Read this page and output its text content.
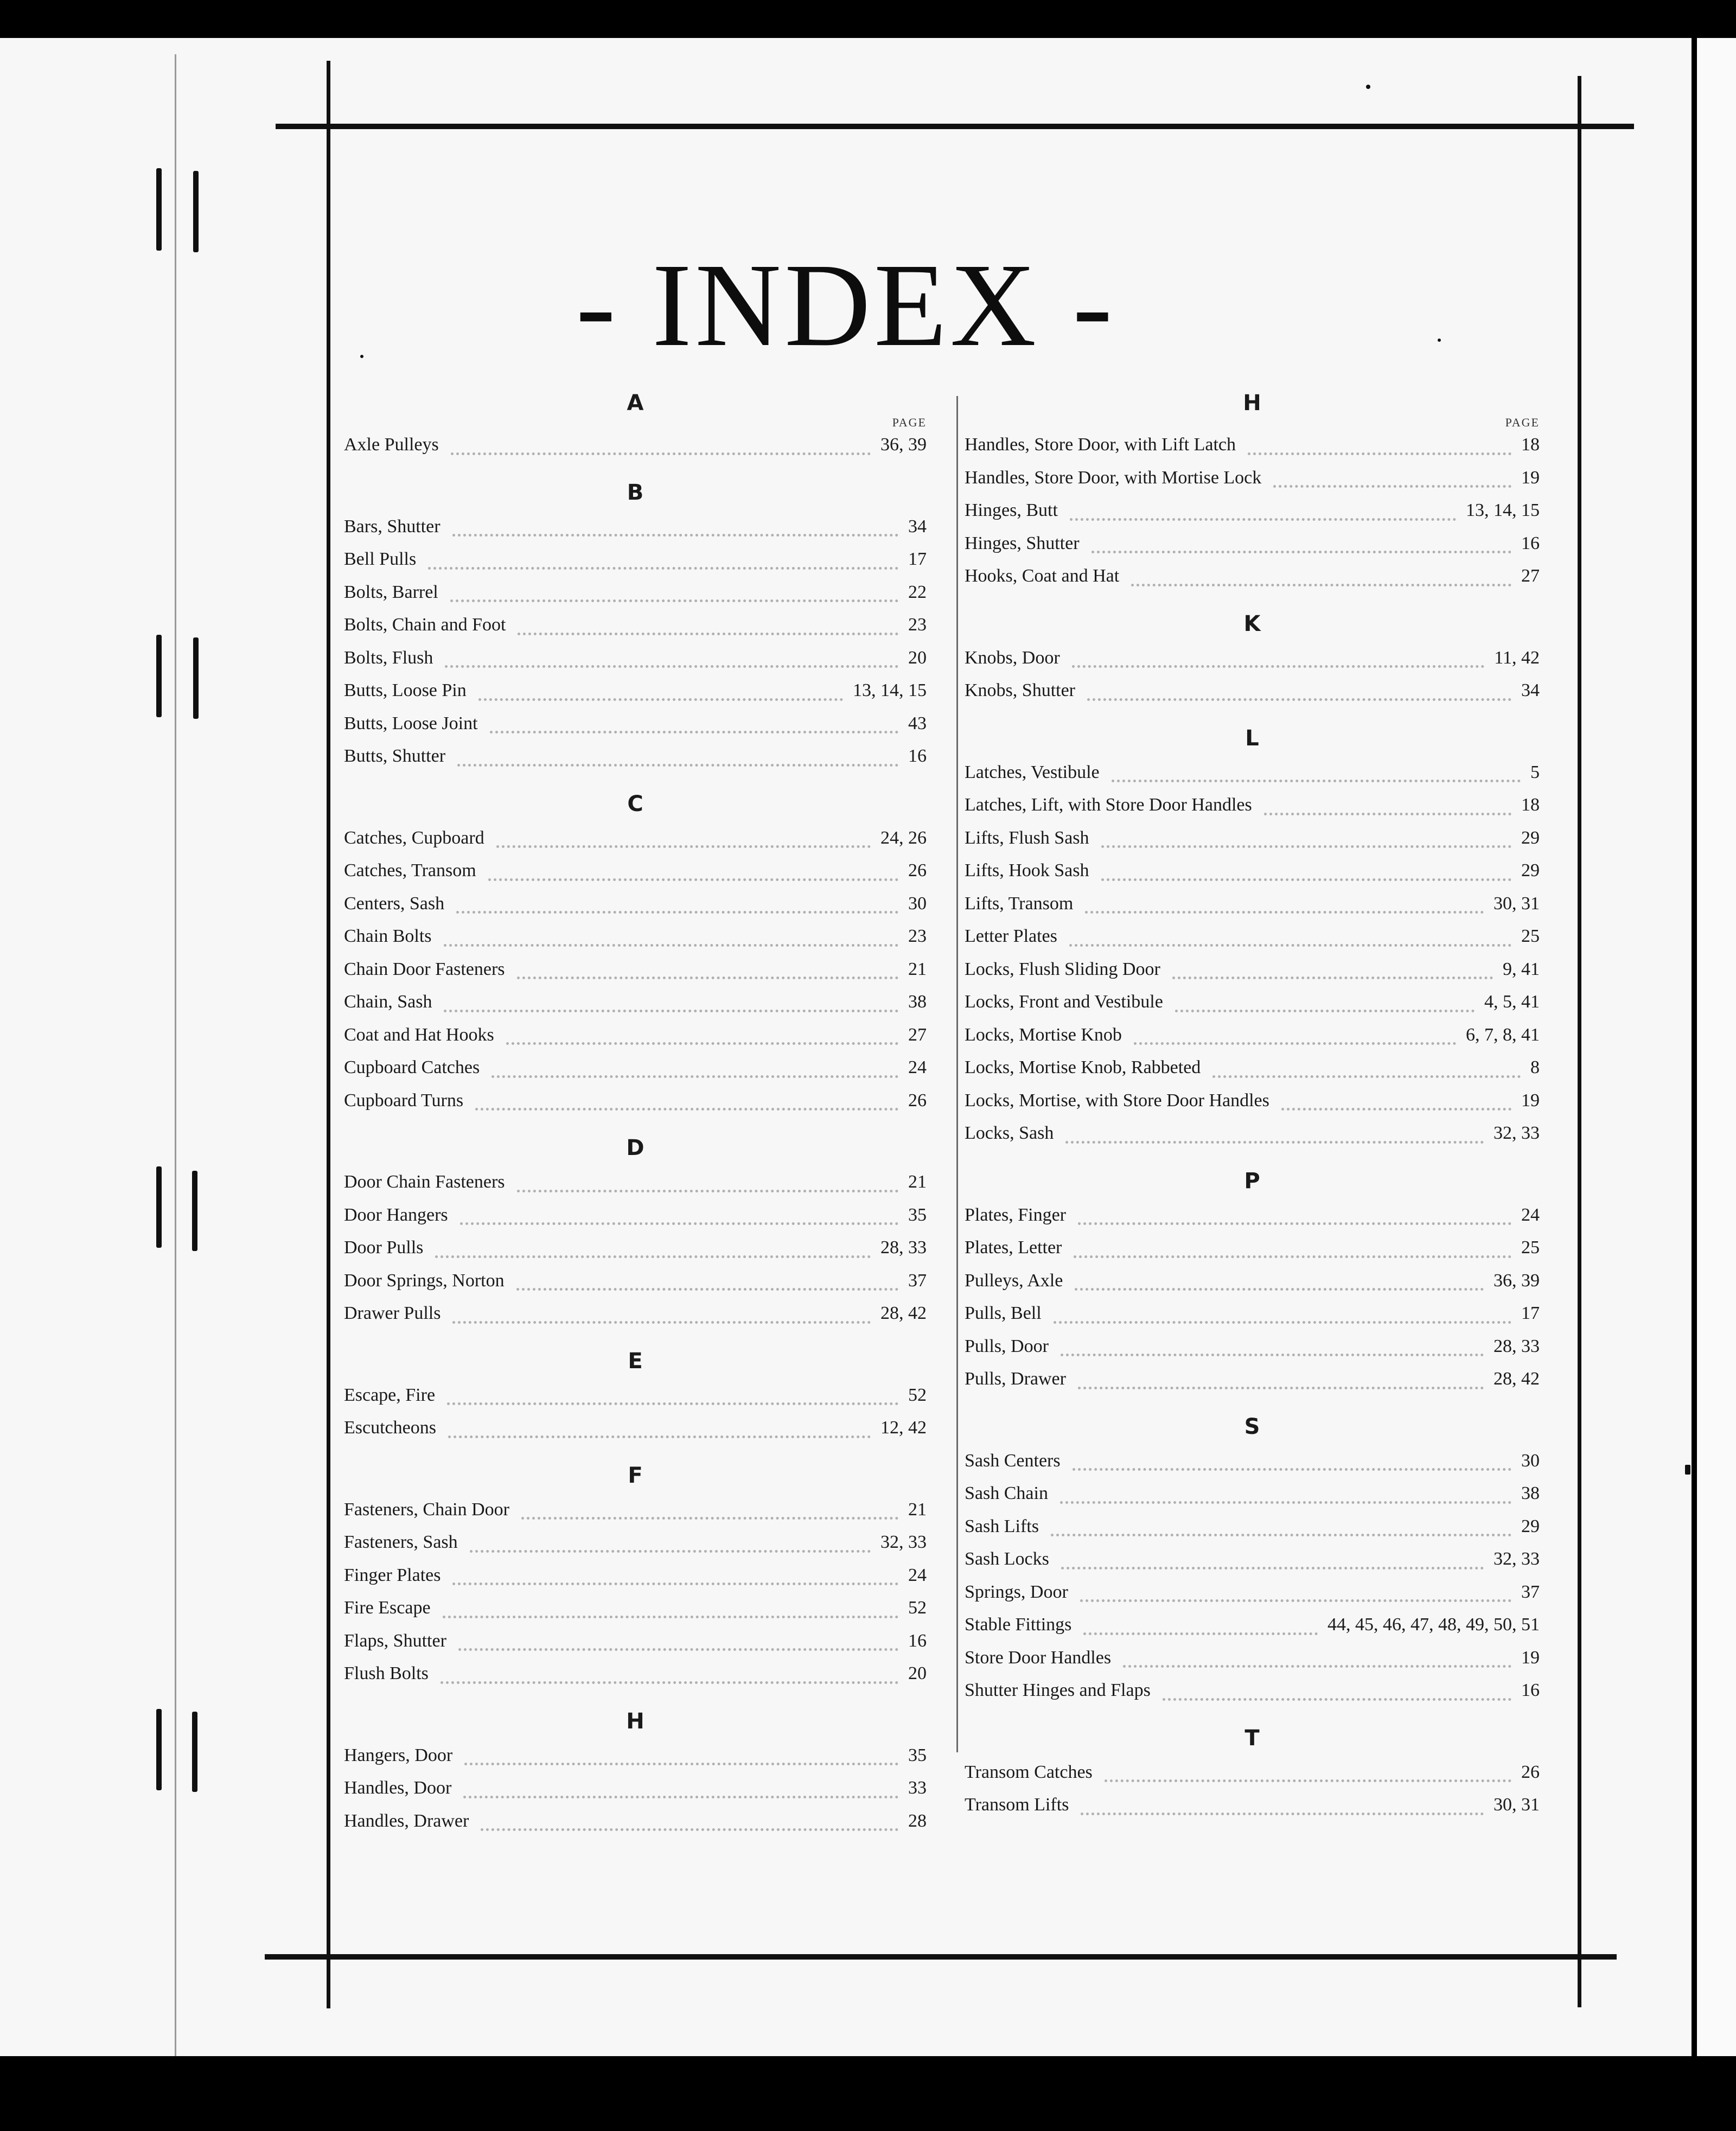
- INDEX -
A
PAGE
Axle Pulleys	36, 39
B
Bars, Shutter	34
Bell Pulls	17
Bolts, Barrel	22
Bolts, Chain and Foot	23
Bolts, Flush	20
Butts, Loose Pin	13, 14, 15
Butts, Loose Joint	43
Butts, Shutter	16
C
Catches, Cupboard	24, 26
Catches, Transom	26
Centers, Sash	30
Chain Bolts	23
Chain Door Fasteners	21
Chain, Sash	38
Coat and Hat Hooks	27
Cupboard Catches	24
Cupboard Turns	26
D
Door Chain Fasteners	21
Door Hangers	35
Door Pulls	28, 33
Door Springs, Norton	37
Drawer Pulls	28, 42
E
Escape, Fire	52
Escutcheons	12, 42
F
Fasteners, Chain Door	21
Fasteners, Sash	32, 33
Finger Plates	24
Fire Escape	52
Flaps, Shutter	16
Flush Bolts	20
H
Hangers, Door	35
Handles, Door	33
Handles, Drawer	28
H
PAGE
Handles, Store Door, with Lift Latch	18
Handles, Store Door, with Mortise Lock	19
Hinges, Butt	13, 14, 15
Hinges, Shutter	16
Hooks, Coat and Hat	27
K
Knobs, Door	11, 42
Knobs, Shutter	34
L
Latches, Vestibule	5
Latches, Lift, with Store Door Handles	18
Lifts, Flush Sash	29
Lifts, Hook Sash	29
Lifts, Transom	30, 31
Letter Plates	25
Locks, Flush Sliding Door	9, 41
Locks, Front and Vestibule	4, 5, 41
Locks, Mortise Knob	6, 7, 8, 41
Locks, Mortise Knob, Rabbeted	8
Locks, Mortise, with Store Door Handles	19
Locks, Sash	32, 33
P
Plates, Finger	24
Plates, Letter	25
Pulleys, Axle	36, 39
Pulls, Bell	17
Pulls, Door	28, 33
Pulls, Drawer	28, 42
S
Sash Centers	30
Sash Chain	38
Sash Lifts	29
Sash Locks	32, 33
Springs, Door	37
Stable Fittings	44, 45, 46, 47, 48, 49, 50, 51
Store Door Handles	19
Shutter Hinges and Flaps	16
T
Transom Catches	26
Transom Lifts	30, 31
